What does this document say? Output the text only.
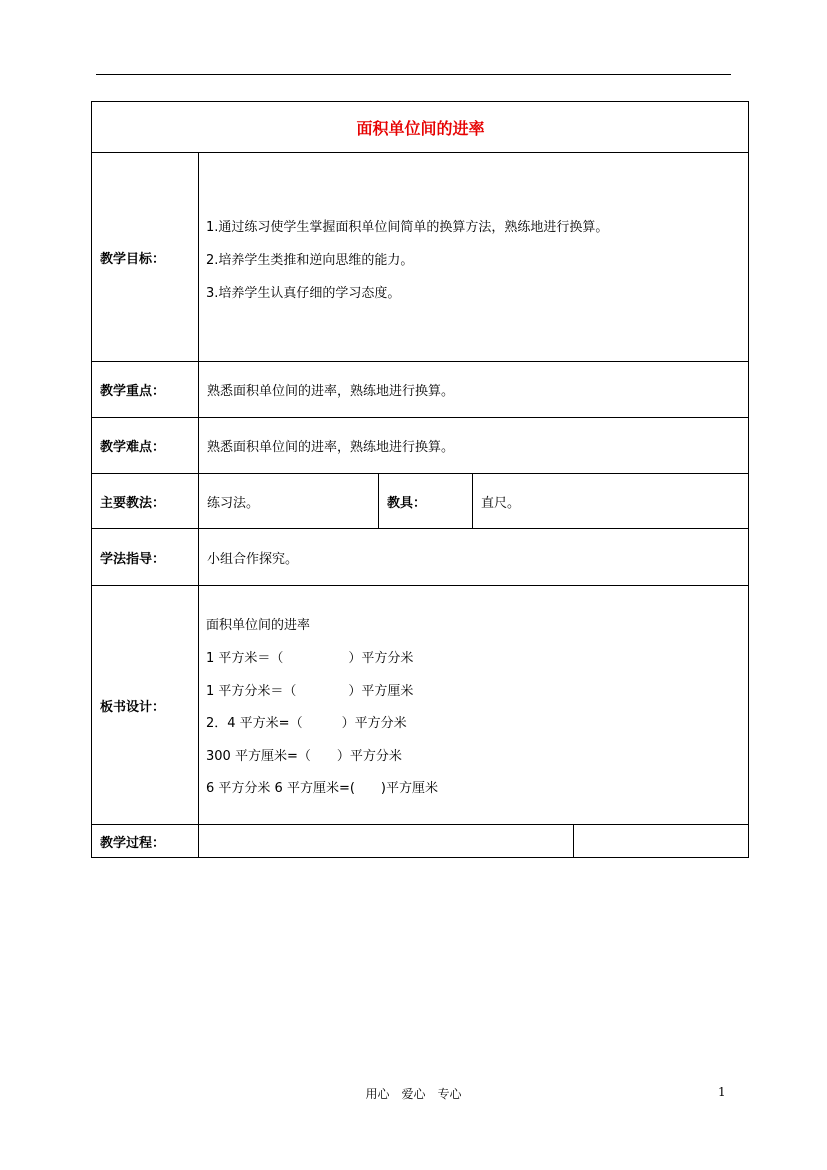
面积单位间的进率
教学目标：
1.通过练习使学生掌握面积单位间简单的换算方法，熟练地进行换算。
2.培养学生类推和逆向思维的能力。
3.培养学生认真仔细的学习态度。
教学重点：	熟悉面积单位间的进率，熟练地进行换算。
教学难点：	熟悉面积单位间的进率，熟练地进行换算。
主要教法：	练习法。	教具：	直尺。
学法指导：	小组合作探究。
板书设计：
面积单位间的进率
1 平方米＝（　　　　　）平方分米
1 平方分米＝（　　　　）平方厘米
2．4 平方米=（　　　）平方分米
300 平方厘米=（　　）平方分米
6 平方分米 6 平方厘米=(　　)平方厘米
教学过程：
用心　爱心　专心	1
